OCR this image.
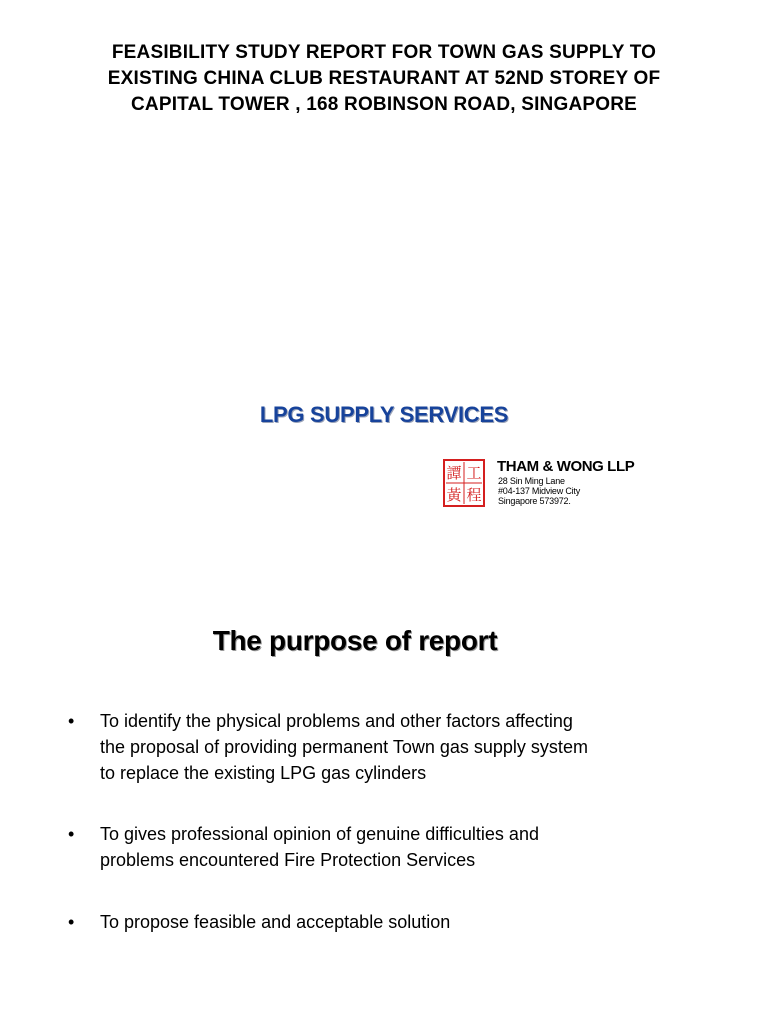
FEASIBILITY STUDY REPORT FOR TOWN GAS SUPPLY TO
EXISTING CHINA CLUB RESTAURANT AT 52ND STOREY OF
CAPITAL TOWER , 168 ROBINSON ROAD, SINGAPORE
LPG SUPPLY SERVICES
譚 工
黃 程
THAM & WONG LLP
28 Sin Ming Lane
#04-137 Midview City
Singapore 573972.
The purpose of report
• To identify the physical problems and other factors affecting
the proposal of providing permanent Town gas supply system
to replace the existing LPG gas cylinders
• To gives professional opinion of genuine difficulties and
problems encountered Fire Protection Services
• To propose feasible and acceptable solution
